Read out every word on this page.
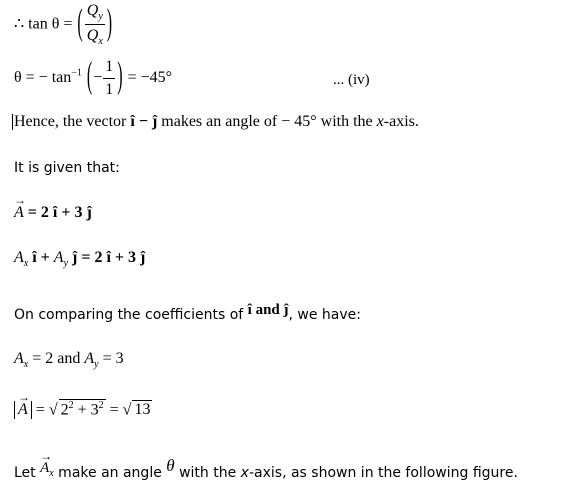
∴ tan θ = ( $\frac{Q_y}{Q_x}$ )
θ = − $\tan^{-1}$ (− $\frac{1}{1}$ ) = −45°	... (iv)
Hence, the vector î − ĵ makes an angle of − 45° with the x-axis.
It is given that:
→ A = 2 î + 3 ĵ
$A_x$ î + $A_y$ ĵ = 2 î + 3 ĵ
On comparing the coefficients of î and ĵ, we have:
$A_x = 2$ and $A_y = 3$
→ A = √ $2^2 + 3^2$ = √ 13
Let → $A_x$ make an angle θ with the x-axis, as shown in the following figure.
